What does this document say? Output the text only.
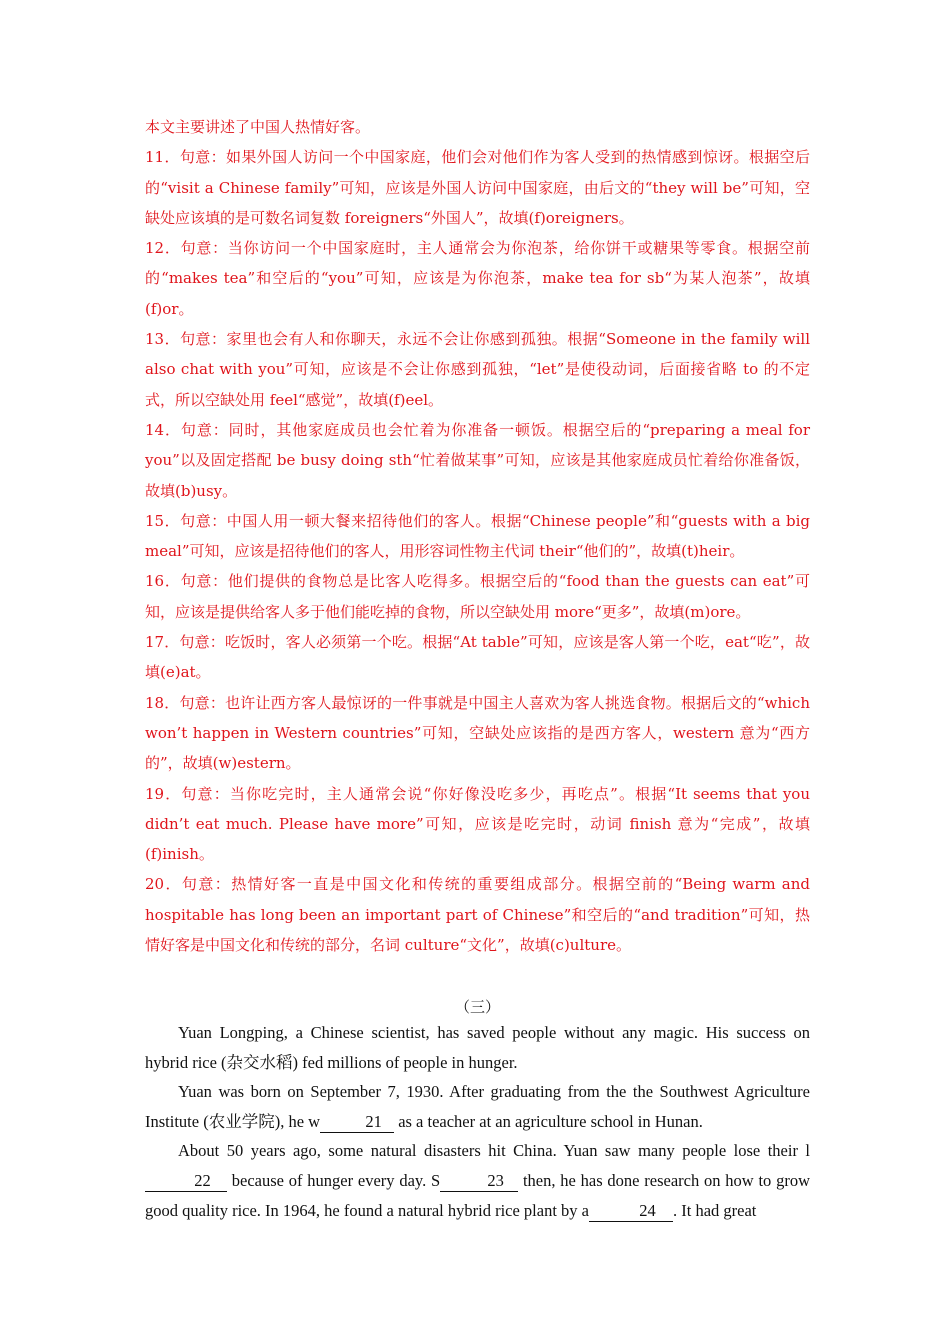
本文主要讲述了中国人热情好客。

11．句意：如果外国人访问一个中国家庭，他们会对他们作为客人受到的热情感到惊讶。根据空后的“visit a Chinese family”可知，应该是外国人访问中国家庭，由后文的“they will be”可知，空缺处应该填的是可数名词复数 foreigners“外国人”，故填(f)oreigners。

12．句意：当你访问一个中国家庭时，主人通常会为你泡茶，给你饼干或糖果等零食。根据空前的“makes tea”和空后的“you”可知，应该是为你泡茶，make tea for sb“为某人泡茶”，故填(f)or。

13．句意：家里也会有人和你聊天，永远不会让你感到孤独。根据“Someone in the family will also chat with you”可知，应该是不会让你感到孤独，“let”是使役动词，后面接省略 to 的不定式，所以空缺处用 feel“感觉”，故填(f)eel。

14．句意：同时，其他家庭成员也会忙着为你准备一顿饭。根据空后的“preparing a meal for you”以及固定搭配 be busy doing sth“忙着做某事”可知，应该是其他家庭成员忙着给你准备饭，故填(b)usy。

15．句意：中国人用一顿大餐来招待他们的客人。根据“Chinese people”和“guests with a big meal”可知，应该是招待他们的客人，用形容词性物主代词 their“他们的”，故填(t)heir。

16．句意：他们提供的食物总是比客人吃得多。根据空后的“food than the guests can eat”可知，应该是提供给客人多于他们能吃掉的食物，所以空缺处用 more“更多”，故填(m)ore。

17．句意：吃饭时，客人必须第一个吃。根据“At table”可知，应该是客人第一个吃，eat“吃”，故填(e)at。

18．句意：也许让西方客人最惊讶的一件事就是中国主人喜欢为客人挑选食物。根据后文的“which won’t happen in Western countries”可知，空缺处应该指的是西方客人，western 意为“西方的”，故填(w)estern。

19．句意：当你吃完时，主人通常会说“你好像没吃多少，再吃点”。根据“It seems that you didn’t eat much. Please have more”可知，应该是吃完时，动词 finish 意为“完成”，故填(f)inish。

20．句意：热情好客一直是中国文化和传统的重要组成部分。根据空前的“Being warm and hospitable has long been an important part of Chinese”和空后的“and tradition”可知，热情好客是中国文化和传统的部分，名词 culture“文化”，故填(c)ulture。

（三）

Yuan Longping, a Chinese scientist, has saved people without any magic. His success on hybrid rice (杂交水稻) fed millions of people in hunger.

Yuan was born on September 7, 1930. After graduating from the the Southwest Agriculture Institute (农业学院), he w	21 as a teacher at an agriculture school in Hunan.

About 50 years ago, some natural disasters hit China. Yuan saw many people lose their l22 because of hunger every day. S	23 then, he has done research on how to grow good quality rice. In 1964, he found a natural hybrid rice plant by a	24 . It had great
